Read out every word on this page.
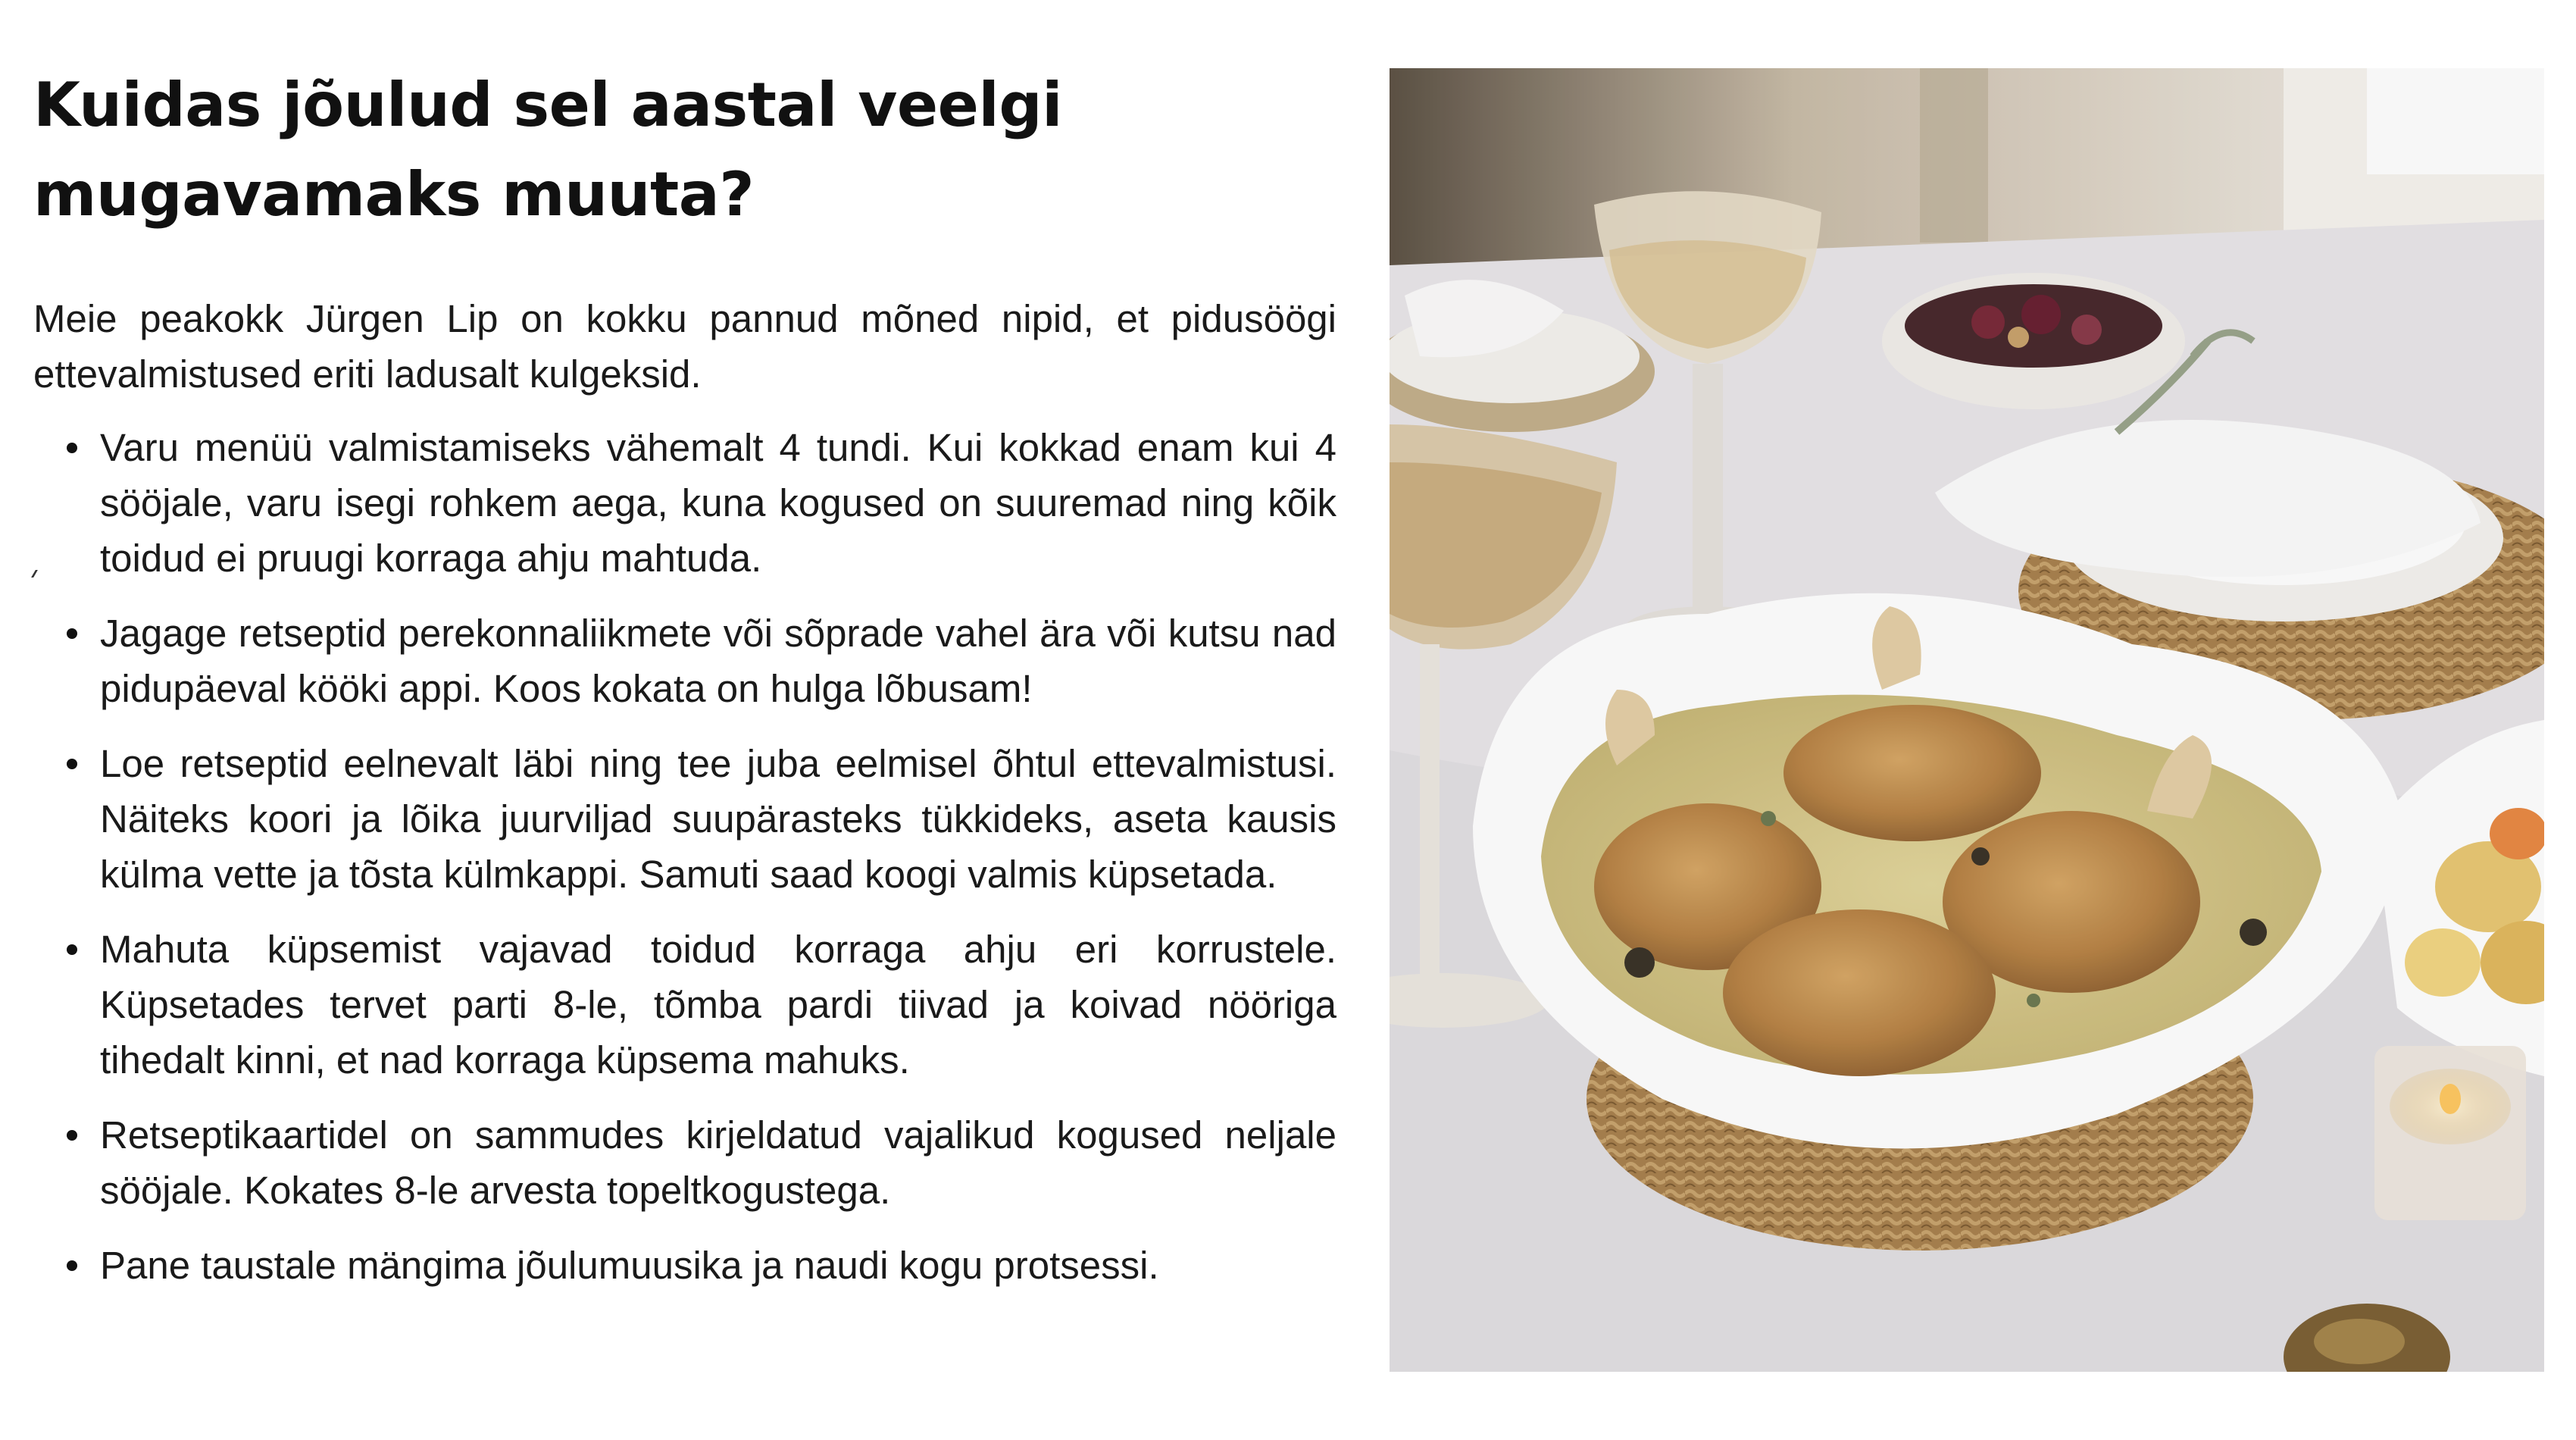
Kuidas jõulud sel aastal veelgi mugavamaks muuta?

Meie peakokk Jürgen Lip on kokku pannud mõned nipid, et pidusöögi ettevalmistused eriti ladusalt kulgeksid.

Varu menüü valmistamiseks vähemalt 4 tundi. Kui kokkad enam kui 4 sööjale, varu isegi rohkem aega, kuna kogused on suuremad ning kõik toidud ei pruugi korraga ahju mahtuda.
Jagage retseptid perekonnaliikmete või sõprade vahel ära või kutsu nad pidupäeval kööki appi. Koos kokata on hulga lõbusam!
Loe retseptid eelnevalt läbi ning tee juba eelmisel õhtul ettevalmistusi. Näiteks koori ja lõika juurviljad suupärasteks tükkideks, aseta kausis külma vette ja tõsta külmkappi. Samuti saad koogi valmis küpsetada.
Mahuta küpsemist vajavad toidud korraga ahju eri korrustele. Küpsetades tervet parti 8-le, tõmba pardi tiivad ja koivad nööriga tihedalt kinni, et nad korraga küpsema mahuks.
Retseptikaartidel on sammudes kirjeldatud vajalikud kogused neljale sööjale. Kokates 8-le arvesta topeltkogustega.
Pane taustale mängima jõulumuusika ja naudi kogu protsessi.
